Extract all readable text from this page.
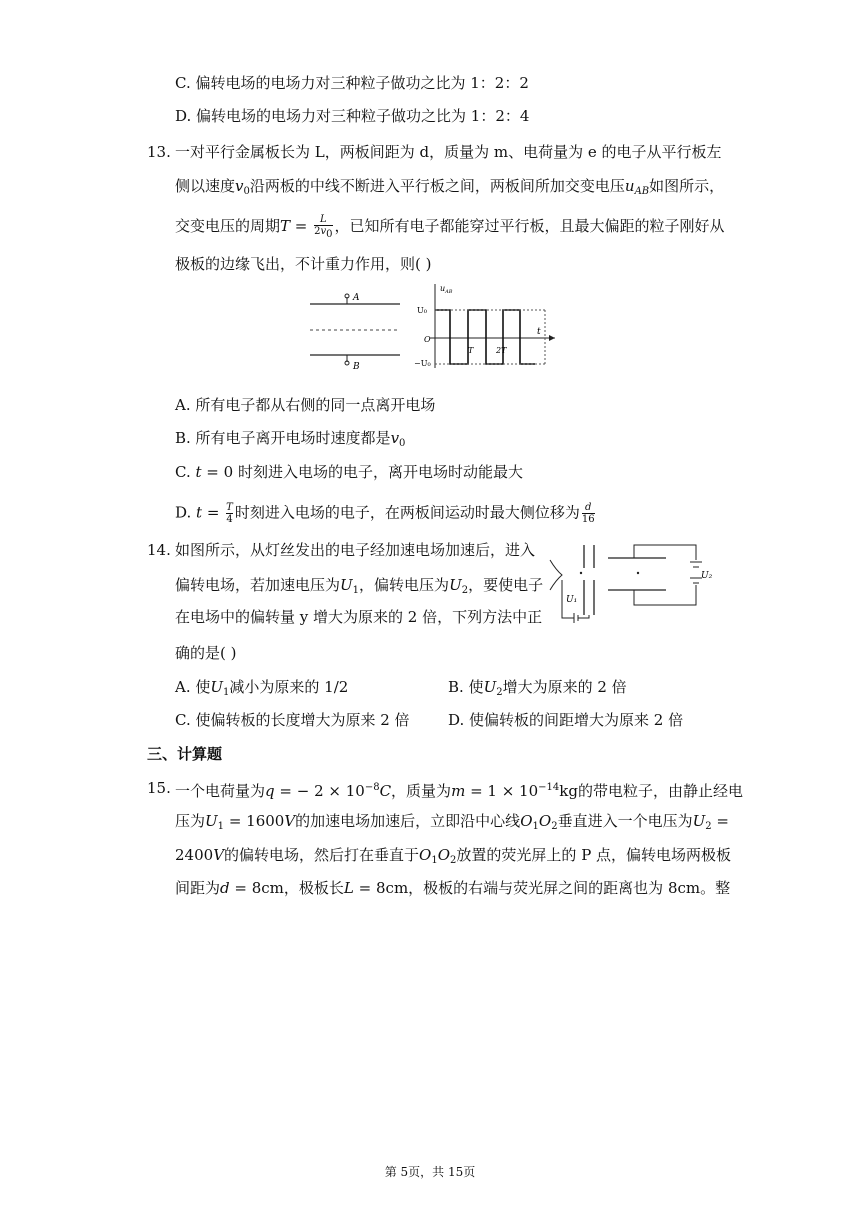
C. 偏转电场的电场力对三种粒子做功之比为 1：2：2
D. 偏转电场的电场力对三种粒子做功之比为 1：2：4
13. 一对平行金属板长为 L，两板间距为 d，质量为 m、电荷量为 e 的电子从平行板左
侧以速度$v_0$沿两板的中线不断进入平行板之间，两板间所加交变电压$u_{AB}$如图所示，
交变电压的周期$T = \frac{L}{2v_0}$ ，已知所有电子都能穿过平行板，且最大偏距的粒子刚好从
极板的边缘飞出，不计重力作用，则( )
A
B
$u_{AB}$
t
U₀
O
−U₀
T	2T
A. 所有电子都从右侧的同一点离开电场
B. 所有电子离开电场时速度都是$v_0$
C. t = 0 时刻进入电场的电子，离开电场时动能最大
D. $t = \frac{T}{4}$ 时刻进入电场的电子，在两板间运动时最大侧位移为 $\frac{d}{16}$
14. 如图所示，从灯丝发出的电子经加速电场加速后，进入
偏转电场，若加速电压为$U_1$，偏转电压为$U_2$，要使电子
在电场中的偏转量 y 增大为原来的 2 倍，下列方法中正
确的是( )
U₂
U₁
A. 使$U_1$减小为原来的 1/2	B. 使$U_2$增大为原来的 2 倍
C. 使偏转板的长度增大为原来 2 倍	D. 使偏转板的间距增大为原来 2 倍
三、计算题
15. 一个电荷量为q = − $2 \times 10^{-8}C$，质量为$m = 1 \times 10^{-14}kg$的带电粒子，由静止经电
压为$U_1 = 1600V$的加速电场加速后，立即沿中心线$O_1O_2$垂直进入一个电压为$U_2$ =
2400V的偏转电场，然后打在垂直于$O_1O_2$放置的荧光屏上的 P 点，偏转电场两极板
间距为d = 8cm，极板长L = 8cm，极板的右端与荧光屏之间的距离也为 8cm。整
第 5页，共 15页
